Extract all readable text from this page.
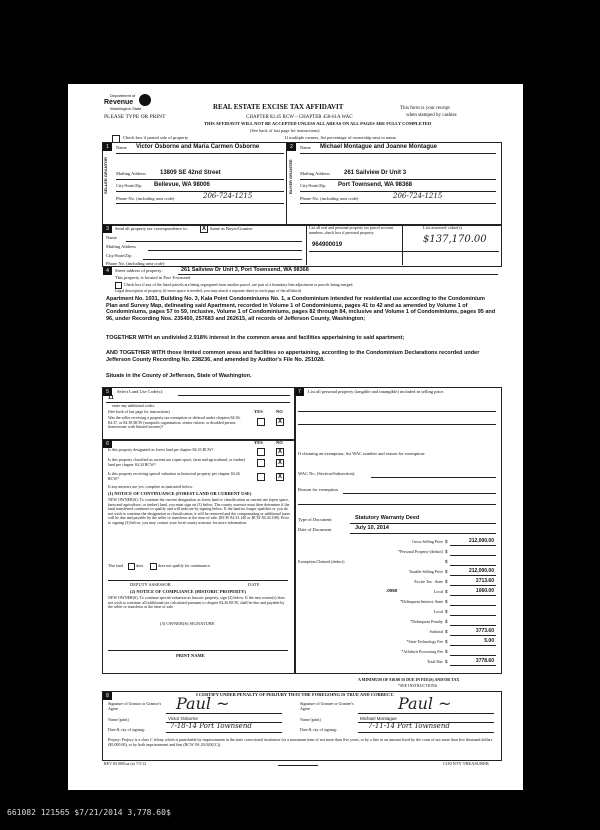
Department of
Revenue
Washington State	REAL ESTATE EXCISE TAX AFFIDAVIT
CHAPTER 82.45 RCW – CHAPTER 458-61A WAC
THIS AFFIDAVIT WILL NOT BE ACCEPTED UNLESS ALL AREAS ON ALL PAGES ARE FULLY COMPLETED
(See back of last page for instructions)
PLEASE TYPE OR PRINT
This form is your receipt
when stamped by cashier.
Check box if partial sale of property	If multiple owners, list percentage of ownership next to name.
1	2
SELLER GRANTOR	BUYER GRANTEE
Name Victor Osborne and Maria Carmen Osborne
Mailing Address 13809 SE 42nd Street
City/State/Zip Bellevue, WA 98006
Phone No. (including area code)	206-724-1215
Name Michael Montague and Joanne Montague
Mailing Address 261 Sailview Dr Unit 3
City/State/Zip Port Townsend, WA 98368
Phone No. (including area code)	206-724-1215
3	Send all property tax correspondence to:	X Same as Buyer/Grantee
Name
Mailing Address
City/State/Zip
Phone No. (including area code)
List all real and personal property tax parcel account numbers–check box if personal property
List assessed value(s)
964900019	$137,170.00
4	Street address of property:	261 Sailview Dr Unit 3, Port Townsend, WA 98368
This property is located in Port Townsend
Check box if any of the listed parcels are being segregated from another parcel, are part of a boundary line adjustment or parcels being merged.
Legal description of property (if more space is needed, you may attach a separate sheet to each page of the affidavit)
Apartment No. 1031, Building No. 3, Kala Point Condominiums No. 1, a Condominium intended for residential use according to the Condominium Plan and Survey Map, delineating said Apartment, recorded in Volume 1 of Condominiums, pages 41 to 42 and as amended by Volume 1 of Condominiums, pages 57 to 59, inclusive, Volume 1 of Condominiums, pages 82 through 84, inclusive and Volume 1 of Condominiums, pages 95 and 96, under Recording Nos. 235450, 257683 and 262615, all records of Jefferson County, Washington;
TOGETHER WITH an undivided 2.918% interest in the common areas and facilities appertaining to said apartment;
AND TOGETHER WITH those limited common areas and facilities so appertaining, according to the Condominium Declarations recorded under Jefferson County Recording No. 238236, and amended by Auditor's File No. 251028.
Situate in the County of Jefferson, State of Washington.
5	Select Land Use Code(s):
11
enter any additional codes:
(See back of last page for instructions)	YES	NO
Was the seller receiving a property tax exemption or deferral under chapters 84.36, 84.37, or 84.38 RCW (nonprofit organization, senior citizen, or disabled person, homeowner with limited income)?
X
6	YES	NO
Is this property designated as forest land per chapter 84.33 RCW?	X
Is this property classified as current use (open space, farm and agricultural, or timber) land per chapter 84.34 RCW?	X
Is this property receiving special valuation as historical property per chapter 84.26 RCW?	X
If any answers are yes, complete as instructed below.
(1) NOTICE OF CONTINUANCE (FOREST LAND OR CURRENT USE)
NEW OWNER(S): To continue the current designation as forest land or classification as current use (open space, farm and agriculture, or timber) land, you must sign on (3) below. The county assessor must then determine if the land transferred continues to qualify and will indicate by signing below. If the land no longer qualifies or you do not wish to continue the designation or classification, it will be removed and the compensating or additional taxes will be due and payable by the seller or transferor at the time of sale. (RCW 84.33.140 or RCW 84.34.108). Prior to signing (3) below, you may contact your local county assessor for more information.
This land	does	does not qualify for continuance.
DEPUTY ASSESSOR	DATE
(2) NOTICE OF COMPLIANCE (HISTORIC PROPERTY)
NEW OWNER(S): To continue special valuation as historic property, sign (3) below. If the new owner(s) does not wish to continue, all additional tax calculated pursuant to chapter 84.26 RCW, shall be due and payable by the seller or transferor at the time of sale.
(3) OWNER(S) SIGNATURE
PRINT NAME
7	List all personal property (tangible and intangible) included in selling price.
If claiming an exemption, list WAC number and reason for exemption:
WAC No. (Section/Subsection)
Reason for exemption
Type of Document	Statutory Warranty Deed
Date of Document	July 10, 2014
Gross Selling Price $	212,000.00
*Personal Property (deduct) $
Exemption Claimed (deduct)	$
Taxable Selling Price $	212,000.00
Excise Tax : State $	2713.60
.0050	Local $	1060.00
*Delinquent Interest: State $
Local $
*Delinquent Penalty $
Subtotal $	3773.60
*State Technology Fee $	5.00
*Affidavit Processing Fee $
Total Due $	3778.60
A MINIMUM OF $10.00 IS DUE IN FEE(S) AND/OR TAX
*SEE INSTRUCTIONS
8	I CERTIFY UNDER PENALTY OF PERJURY THAT THE FOREGOING IS TRUE AND CORRECT.
Signature of Grantor or Grantor's Agent	Paul ~	Signature of Grantee or Grantee's Agent	Paul ~
Name (print)	Victor Osborne	Name (print)	Michael Montague
Date & city of signing:	7-18-14 Port Townsend	Date & city of signing:	7-11-14 Port Townsend
Perjury: Perjury is a class C felony which is punishable by imprisonment in the state correctional institution for a maximum term of not more than five years, or by a fine in an amount fixed by the court of not more than five thousand dollars ($5,000.00), or by both imprisonment and fine (RCW 9A.20.020(1C)).
REV 84 0001ae (a) 7/5/12	COUNTY TREASURER
661082 121565 $7/21/2014 3,778.60$
